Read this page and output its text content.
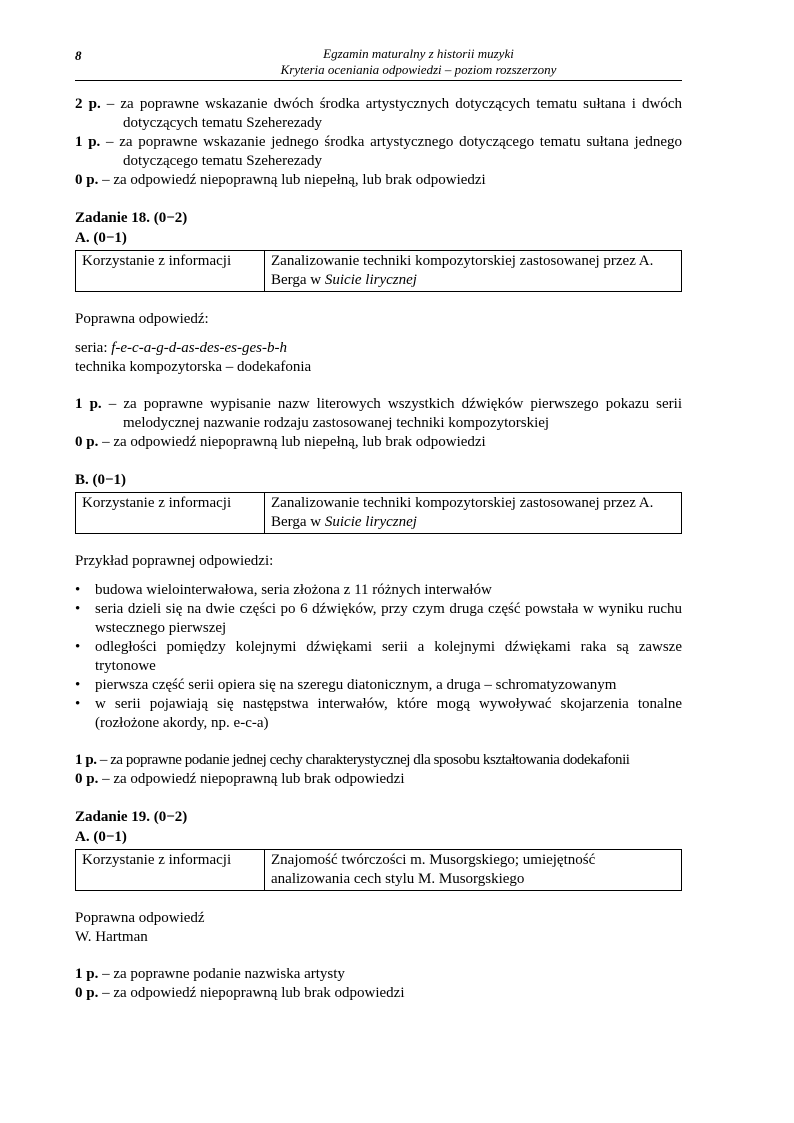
8	Egzamin maturalny z historii muzyki
Kryteria oceniania odpowiedzi – poziom rozszerzony
2 p. – za poprawne wskazanie dwóch środka artystycznych dotyczących tematu sułtana i dwóch dotyczących tematu Szeherezady
1 p. – za poprawne wskazanie jednego środka artystycznego dotyczącego tematu sułtana jednego dotyczącego tematu Szeherezady
0 p. – za odpowiedź niepoprawną lub niepełną, lub brak odpowiedzi
Zadanie 18. (0−2)
A. (0−1)
Korzystanie z informacji	Zanalizowanie techniki kompozytorskiej zastosowanej przez A. Berga w Suicie lirycznej
Poprawna odpowiedź:
seria: f-e-c-a-g-d-as-des-es-ges-b-h
technika kompozytorska – dodekafonia
1 p. – za poprawne wypisanie nazw literowych wszystkich dźwięków pierwszego pokazu serii melodycznej nazwanie rodzaju zastosowanej techniki kompozytorskiej
0 p. – za odpowiedź niepoprawną lub niepełną, lub brak odpowiedzi
B. (0−1)
Korzystanie z informacji	Zanalizowanie techniki kompozytorskiej zastosowanej przez A. Berga w Suicie lirycznej
Przykład poprawnej odpowiedzi:
• budowa wielointerwałowa, seria złożona z 11 różnych interwałów
• seria dzieli się na dwie części po 6 dźwięków, przy czym druga część powstała w wyniku ruchu wstecznego pierwszej
• odległości pomiędzy kolejnymi dźwiękami serii a kolejnymi dźwiękami raka są zawsze trytonowe
• pierwsza część serii opiera się na szeregu diatonicznym, a druga – schromatyzowanym
• w serii pojawiają się następstwa interwałów, które mogą wywoływać skojarzenia tonalne (rozłożone akordy, np. e-c-a)
1 p. – za poprawne podanie jednej cechy charakterystycznej dla sposobu kształtowania dodekafonii
0 p. – za odpowiedź niepoprawną lub brak odpowiedzi
Zadanie 19. (0−2)
A. (0−1)
Korzystanie z informacji	Znajomość twórczości m. Musorgskiego; umiejętność analizowania cech stylu M. Musorgskiego
Poprawna odpowiedź
W. Hartman
1 p. – za poprawne podanie nazwiska artysty
0 p. – za odpowiedź niepoprawną lub brak odpowiedzi
